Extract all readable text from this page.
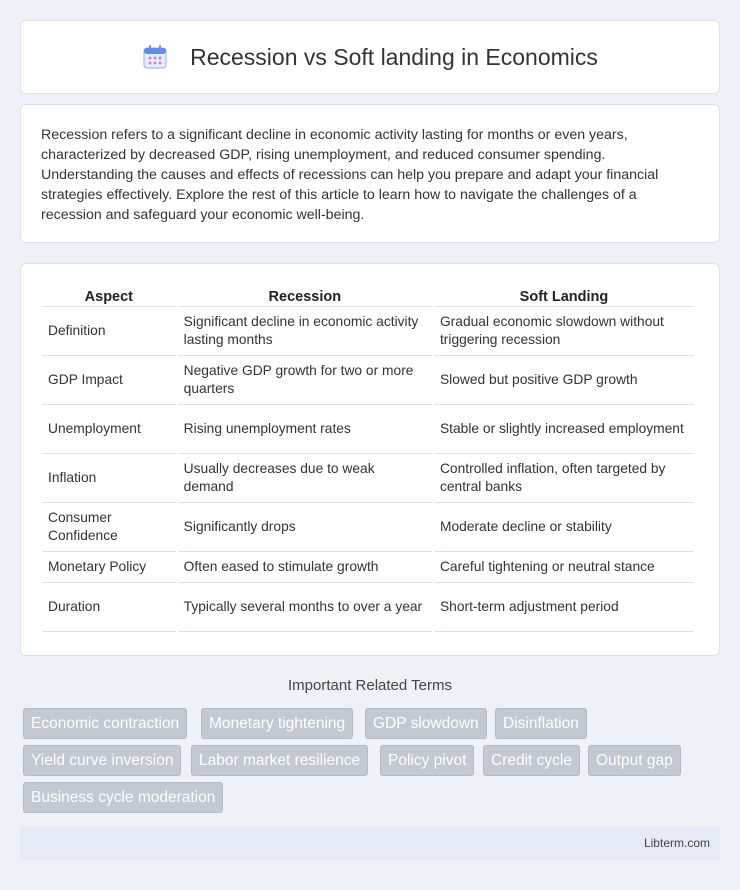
Recession vs Soft landing in Economics

Recession refers to a significant decline in economic activity lasting for months or even years, characterized by decreased GDP, rising unemployment, and reduced consumer spending. Understanding the causes and effects of recessions can help you prepare and adapt your financial strategies effectively. Explore the rest of this article to learn how to navigate the challenges of a recession and safeguard your economic well-being.

Aspect	Recession	Soft Landing
Definition	Significant decline in economic activity lasting months	Gradual economic slowdown without triggering recession
GDP Impact	Negative GDP growth for two or more quarters	Slowed but positive GDP growth
Unemployment	Rising unemployment rates	Stable or slightly increased employment
Inflation	Usually decreases due to weak demand	Controlled inflation, often targeted by central banks
Consumer Confidence	Significantly drops	Moderate decline or stability
Monetary Policy	Often eased to stimulate growth	Careful tightening or neutral stance
Duration	Typically several months to over a year	Short-term adjustment period
Important Related Terms
Economic contraction	Monetary tightening	GDP slowdown	Disinflation
Yield curve inversion	Labor market resilience	Policy pivot	Credit cycle	Output gap
Business cycle moderation
Libterm.com
